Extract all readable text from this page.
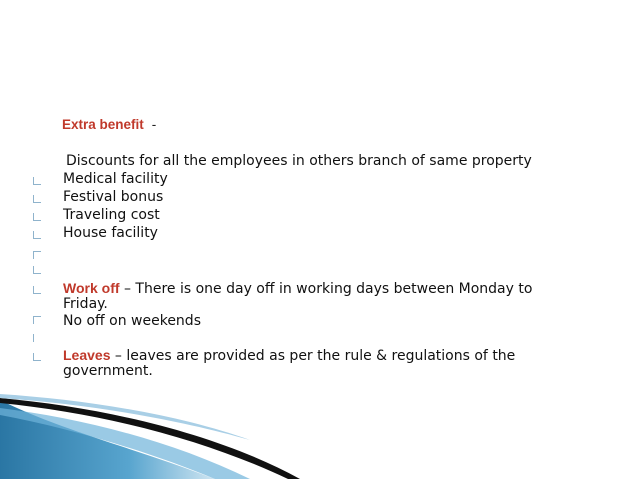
Extra benefit -
Discounts for all the employees in others branch of same property
Medical facility
Festival bonus
Traveling cost
House facility
Work off – There is one day off in working days between Monday to
Friday.
No off on weekends
Leaves – leaves are provided as per the rule & regulations of the
government.
